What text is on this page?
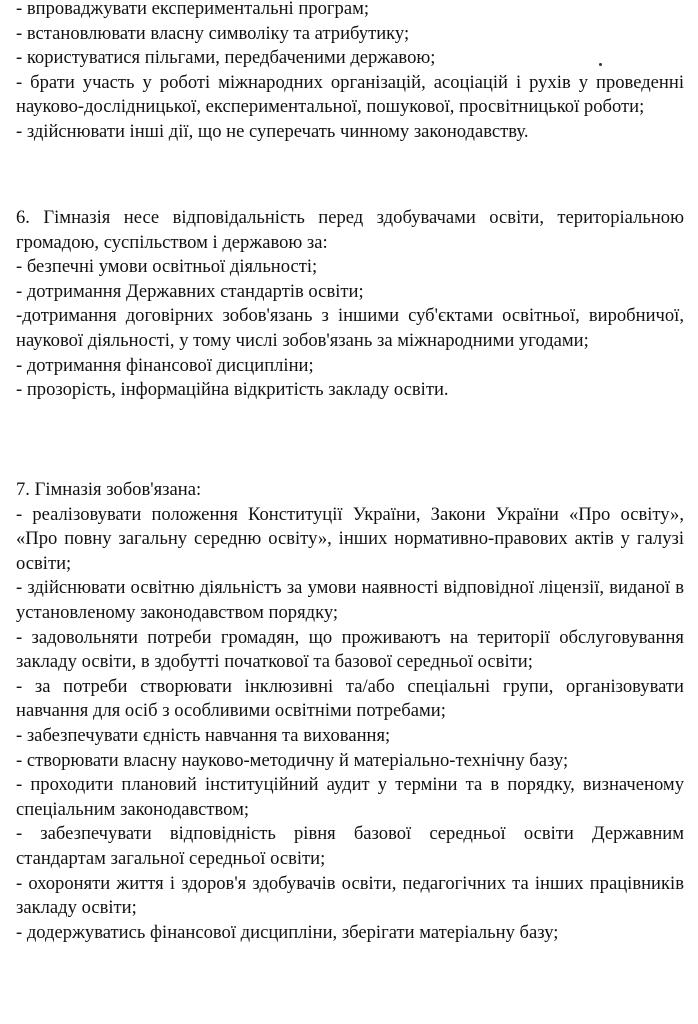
- впроваджувати експериментальні програм;

- встановлювати власну символіку та атрибутику;

- користуватися пільгами, передбаченими державою;

- брати участь у роботі міжнародних організацій, асоціацій і рухів у проведенні науково-дослідницької, експериментальної, пошукової, просвітницької роботи;

- здійснювати інші дії, що не суперечать чинному законодавству.

6. Гімназія несе відповідальність перед здобувачами освіти, територіальною громадою, суспільством і державою за:

- безпечні умови освітньої діяльності;

- дотримання Державних стандартів освіти;

-дотримання договірних зобов'язань з іншими суб'єктами освітньої, виробничої, наукової діяльності, у тому числі зобов'язань за міжнародними угодами;

- дотримання фінансової дисципліни;

- прозорість, інформаційна відкритість закладу освіти.

7. Гімназія зобов'язана:

- реалізовувати положення Конституції України, Закони України «Про освіту», «Про повну загальну середню освіту», інших нормативно-правових актів у галузі освіти;

- здійснювати освітню діяльністъ за умови наявності відповідної ліцензії, виданої в установленому законодавством порядку;

- задовольняти потреби громадян, що проживаютъ на території обслуговування закладу освіти, в здобутті початкової та базової середньої освіти;

- за потреби створювати інклюзивні та/або спеціальні групи, організовувати навчання для осіб з особливими освітніми потребами;

- забезпечувати єдність навчання та виховання;

- створювати власну науково-методичну й матеріально-технічну базу;

- проходити плановий інституційний аудит у терміни та в порядку, визначеному спеціальним законодавством;

- забезпечувати відповідність рівня базової середньої освіти Державним стандартам загальної середньої освіти;

- охороняти життя і здоров'я здобувачів освіти, педагогічних та інших працівників закладу освіти;

- додержуватись фінансової дисципліни, зберігати матеріальну базу;
